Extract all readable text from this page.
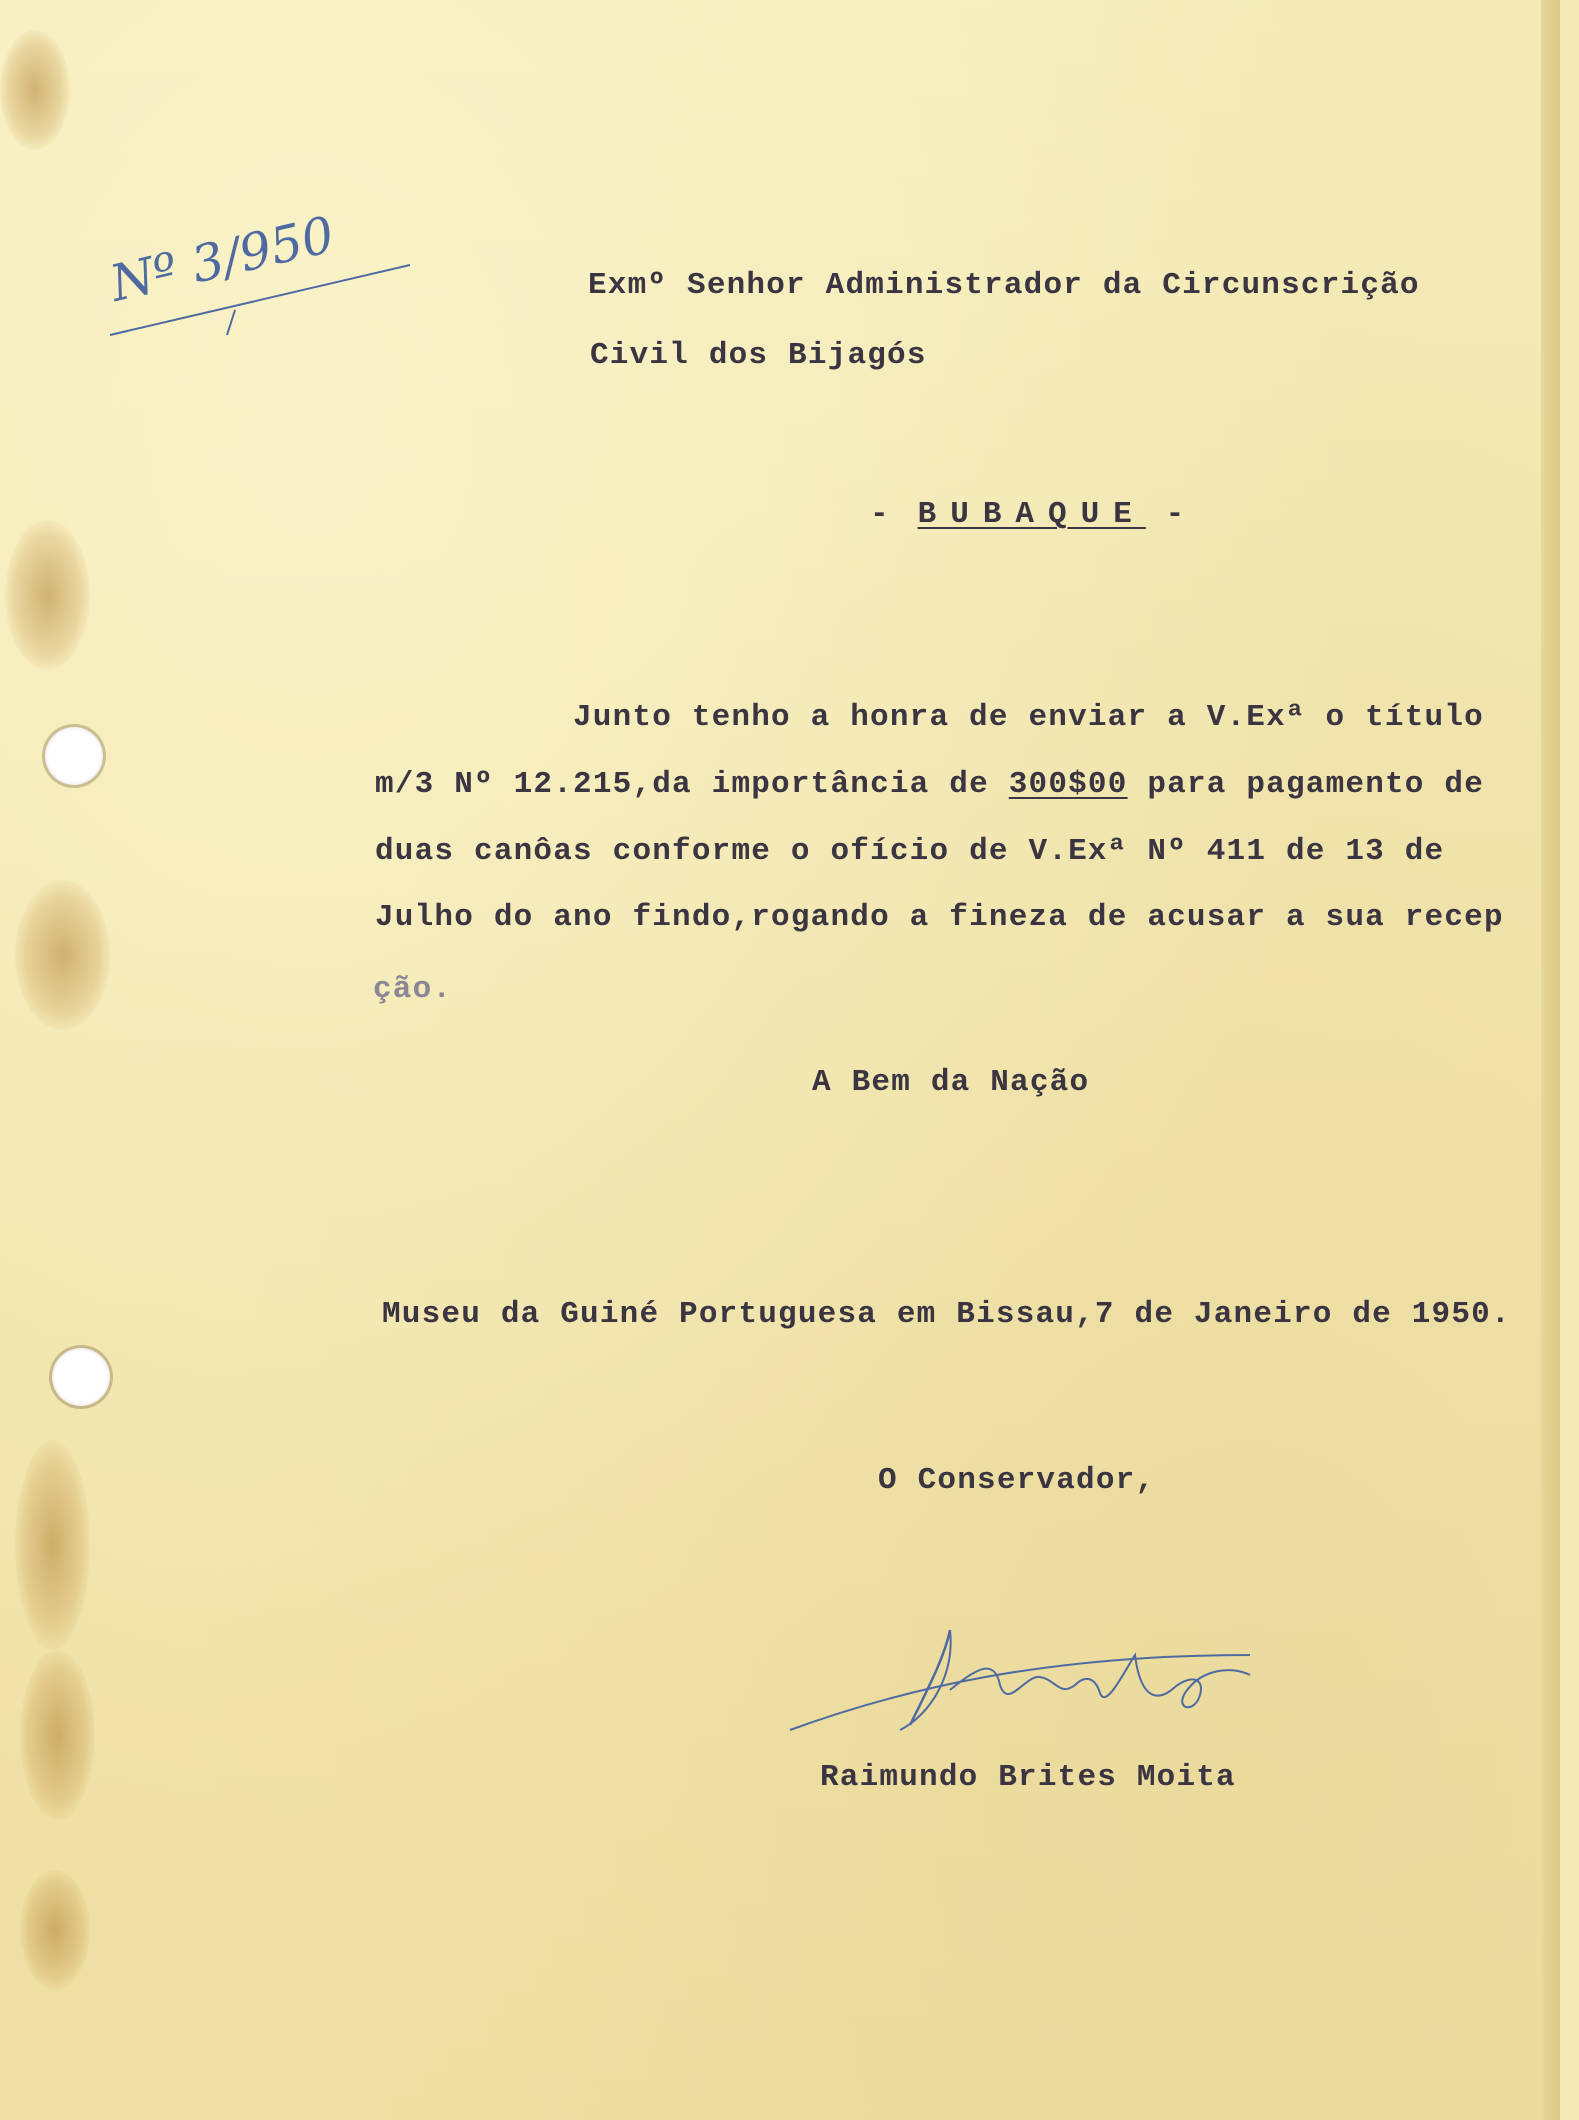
Nº 3/950	Exmº Senhor Administrador da Circunscrição
Civil dos Bijagós
- BUBAQUE -
Junto tenho a honra de enviar a V.Exª o título
m/3 Nº 12.215,da importância de 300$00 para pagamento de
duas canôas conforme o ofício de V.Exª Nº 411 de 13 de
Julho do ano findo,rogando a fineza de acusar a sua recep
ção.
A Bem da Nação
Museu da Guiné Portuguesa em Bissau,7 de Janeiro de 1950.
O Conservador,
Raimundo Brites Moita
